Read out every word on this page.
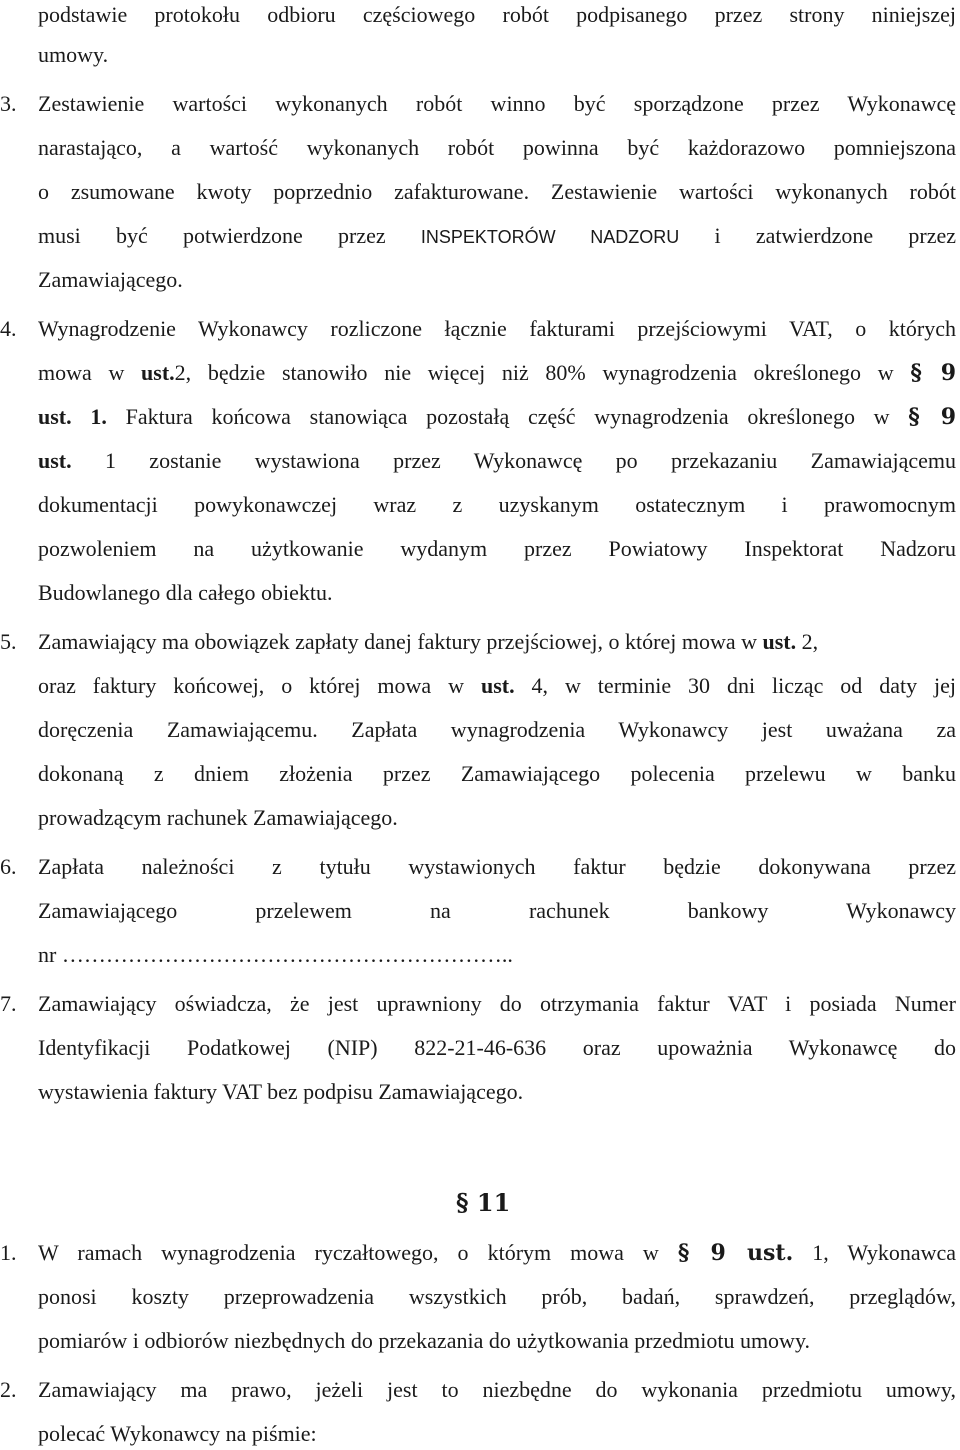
podstawie protokołu odbioru częściowego robót podpisanego przez strony niniejszej
umowy.
3. Zestawienie wartości wykonanych robót winno być sporządzone przez Wykonawcę
narastająco, a wartość wykonanych robót powinna być każdorazowo pomniejszona
o zsumowane kwoty poprzednio zafakturowane. Zestawienie wartości wykonanych robót
musi być potwierdzone przez INSPEKTORÓW NADZORU i zatwierdzone przez
Zamawiającego.
4. Wynagrodzenie Wykonawcy rozliczone łącznie fakturami przejściowymi VAT, o których
mowa w ust.2, będzie stanowiło nie więcej niż 80% wynagrodzenia określonego w § 9
ust. 1. Faktura końcowa stanowiąca pozostałą część wynagrodzenia określonego w § 9
ust. 1 zostanie wystawiona przez Wykonawcę po przekazaniu Zamawiającemu
dokumentacji powykonawczej wraz z uzyskanym ostatecznym i prawomocnym
pozwoleniem na użytkowanie wydanym przez Powiatowy Inspektorat Nadzoru
Budowlanego dla całego obiektu.
5. Zamawiający ma obowiązek zapłaty danej faktury przejściowej, o której mowa w ust. 2,
oraz faktury końcowej, o której mowa w ust. 4, w terminie 30 dni licząc od daty jej
doręczenia Zamawiającemu. Zapłata wynagrodzenia Wykonawcy jest uważana za
dokonaną z dniem złożenia przez Zamawiającego polecenia przelewu w banku
prowadzącym rachunek Zamawiającego.
6. Zapłata należności z tytułu wystawionych faktur będzie dokonywana przez
Zamawiającego przelewem na rachunek bankowy Wykonawcy
nr ……………………………………………………..
7. Zamawiający oświadcza, że jest uprawniony do otrzymania faktur VAT i posiada Numer
Identyfikacji Podatkowej (NIP) 822-21-46-636 oraz upoważnia Wykonawcę do
wystawienia faktury VAT bez podpisu Zamawiającego.
§ 11
1. W ramach wynagrodzenia ryczałtowego, o którym mowa w § 9 ust. 1, Wykonawca
ponosi koszty przeprowadzenia wszystkich prób, badań, sprawdzeń, przeglądów,
pomiarów i odbiorów niezbędnych do przekazania do użytkowania przedmiotu umowy.
2. Zamawiający ma prawo, jeżeli jest to niezbędne do wykonania przedmiotu umowy,
polecać Wykonawcy na piśmie:
